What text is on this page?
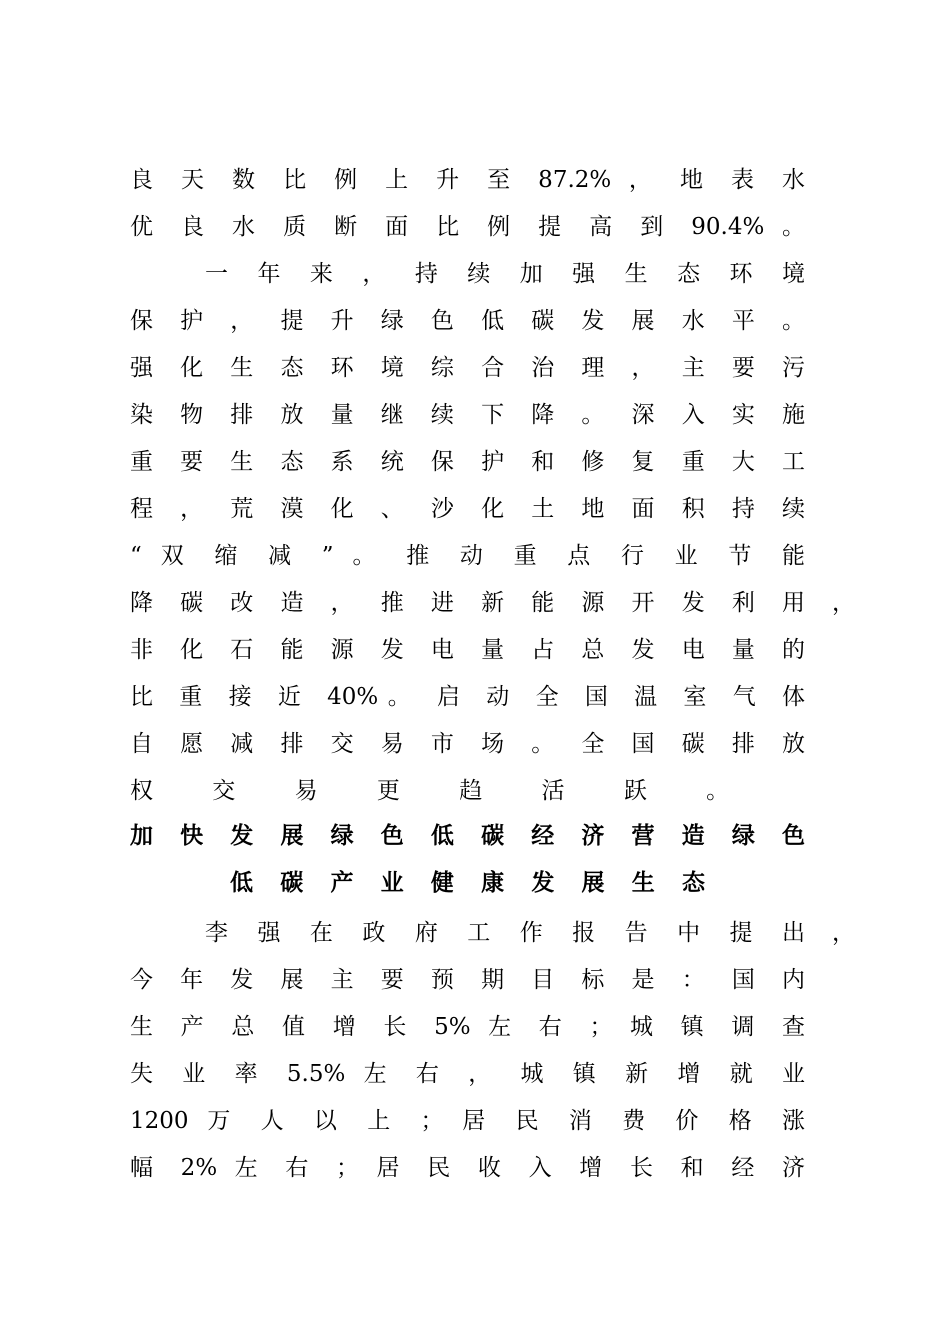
良 天 数 比 例 上 升 至 87.2% ， 地 表 水
优 良 水 质 断 面 比 例 提 高 到 90.4% 。
一 年 来 ， 持 续 加 强 生 态 环 境
保 护 ， 提 升 绿 色 低 碳 发 展 水 平 。
强 化 生 态 环 境 综 合 治 理 ， 主 要 污
染 物 排 放 量 继 续 下 降 。 深 入 实 施
重 要 生 态 系 统 保 护 和 修 复 重 大 工
程 ， 荒 漠 化 、 沙 化 土 地 面 积 持 续
“ 双 缩 减 ” 。 推 动 重 点 行 业 节 能
降 碳 改 造 ， 推 进 新 能 源 开 发 利 用 ，
非 化 石 能 源 发 电 量 占 总 发 电 量 的
比 重 接 近 40%。 启 动 全 国 温 室 气 体
自 愿 减 排 交 易 市 场 。 全 国 碳 排 放
权 交 易 更 趋 活 跃 。
加 快 发 展 绿 色 低 碳 经 济 营 造 绿 色
低 碳 产 业 健 康 发 展 生 态
李 强 在 政 府 工 作 报 告 中 提 出 ，
今 年 发 展 主 要 预 期 目 标 是 ： 国 内
生 产 总 值 增 长 5% 左 右 ； 城 镇 调 查
失 业 率 5.5% 左 右 ， 城 镇 新 增 就 业
1200 万 人 以 上 ； 居 民 消 费 价 格 涨
幅 2% 左 右 ； 居 民 收 入 增 长 和 经 济
